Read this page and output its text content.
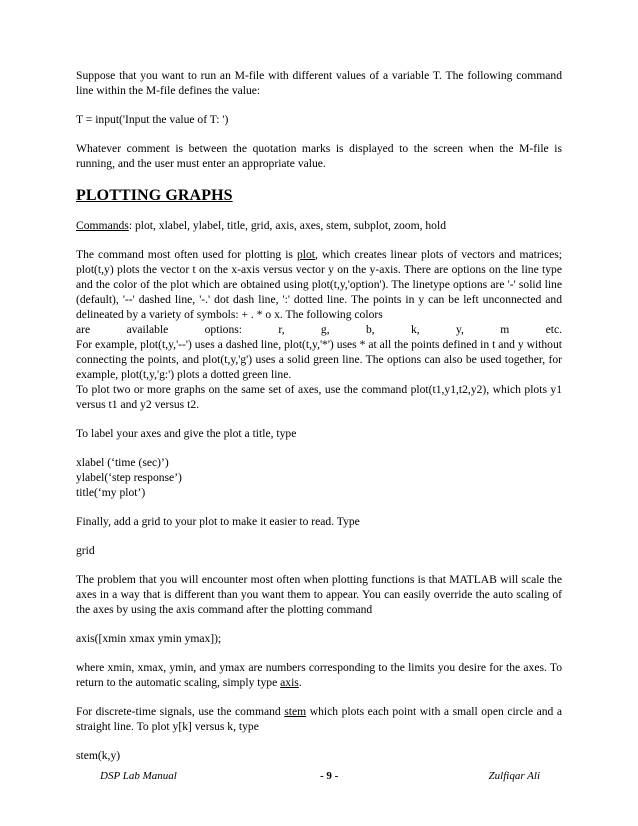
Suppose that you want to run an M-file with different values of a variable T. The following command line within the M-file defines the value:

T = input('Input the value of T: ')

Whatever comment is between the quotation marks is displayed to the screen when the M-file is running, and the user must enter an appropriate value.

PLOTTING GRAPHS

Commands: plot, xlabel, ylabel, title, grid, axis, axes, stem, subplot, zoom, hold

The command most often used for plotting is plot, which creates linear plots of vectors and matrices; plot(t,y) plots the vector t on the x-axis versus vector y on the y-axis. There are options on the line type and the color of the plot which are obtained using plot(t,y,'option'). The linetype options are '-' solid line (default), '--' dashed line, '-.' dot dash line, ':' dotted line. The points in y can be left unconnected and delineated by a variety of symbols: + . * o x. The following colors

are available options: r, g, b, k, y, m etc.

For example, plot(t,y,'--') uses a dashed line, plot(t,y,'*') uses * at all the points defined in t and y without connecting the points, and plot(t,y,'g') uses a solid green line. The options can also be used together, for example, plot(t,y,'g:') plots a dotted green line.

To plot two or more graphs on the same set of axes, use the command plot(t1,y1,t2,y2), which plots y1 versus t1 and y2 versus t2.

To label your axes and give the plot a title, type

xlabel (‘time (sec)’)

ylabel(‘step response’)

title(‘my plot’)

Finally, add a grid to your plot to make it easier to read. Type

grid

The problem that you will encounter most often when plotting functions is that MATLAB will scale the axes in a way that is different than you want them to appear. You can easily override the auto scaling of the axes by using the axis command after the plotting command

axis([xmin xmax ymin ymax]);

where xmin, xmax, ymin, and ymax are numbers corresponding to the limits you desire for the axes. To return to the automatic scaling, simply type axis.

For discrete-time signals, use the command stem which plots each point with a small open circle and a straight line. To plot y[k] versus k, type

stem(k,y)

DSP Lab Manual	- 9 -	Zulfiqar Ali
